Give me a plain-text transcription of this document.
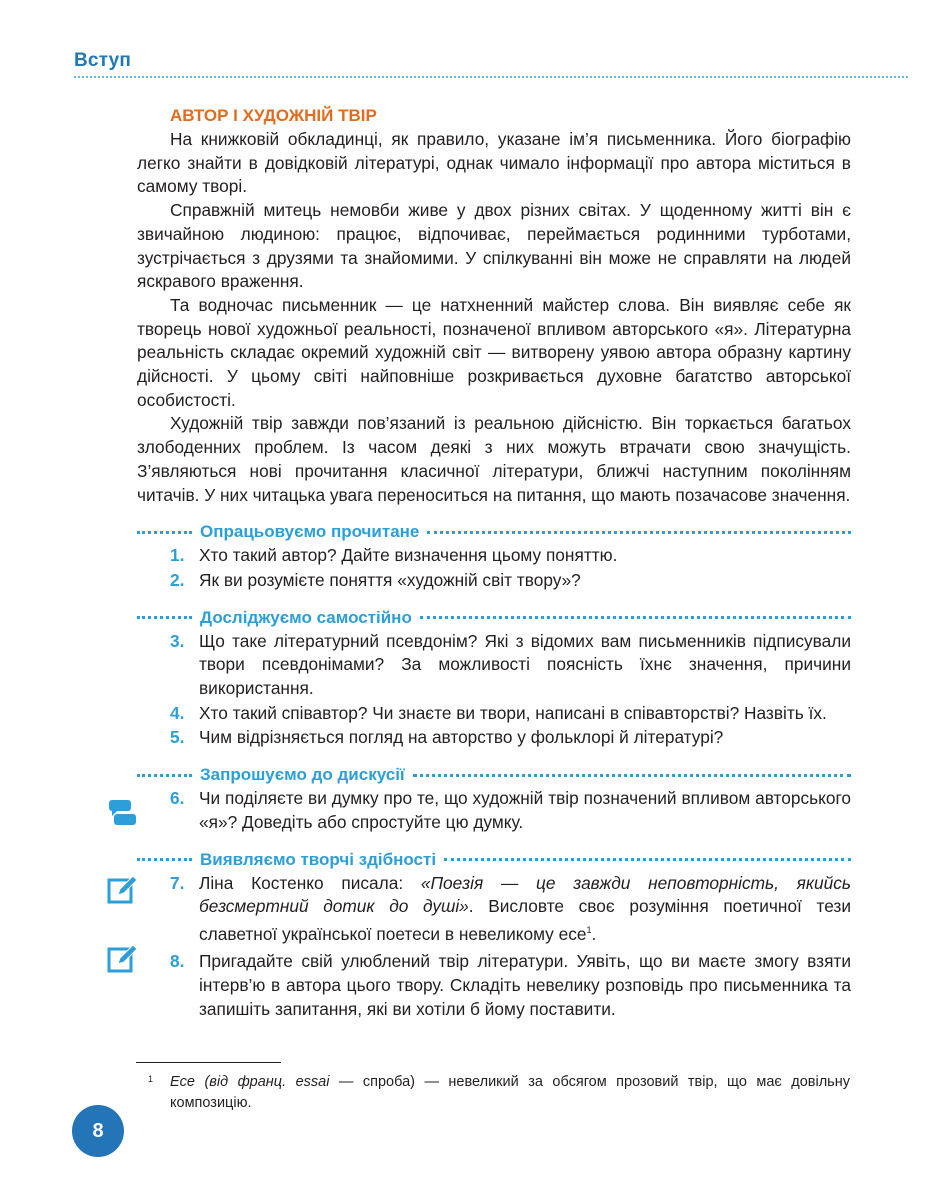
Вступ
АВТОР І ХУДОЖНІЙ ТВІР

На книжковій обкладинці, як правило, указане ім’я письменника. Його біографію легко знайти в довідковій літературі, однак чимало інформації про автора міститься в самому творі.

Справжній митець немовби живе у двох різних світах. У щоденному житті він є звичайною людиною: працює, відпочиває, переймається родинними турботами, зустрічається з друзями та знайомими. У спілкуванні він може не справляти на людей яскравого враження.

Та водночас письменник — це натхненний майстер слова. Він виявляє себе як творець нової художньої реальності, позначеної впливом авторського «я». Літературна реальність складає окремий художній світ — витворену уявою автора образну картину дійсності. У цьому світі найповніше розкривається духовне багатство авторської особистості.

Художній твір завжди пов’язаний із реальною дійсністю. Він торкається багатьох злободенних проблем. Із часом деякі з них можуть втрачати свою значущість. З’являються нові прочитання класичної літератури, ближчі наступним поколінням читачів. У них читацька увага переноситься на питання, що мають позачасове значення.

Опрацьовуємо прочитане
1. Хто такий автор? Дайте визначення цьому поняттю.
2. Як ви розумієте поняття «художній світ твору»?
Досліджуємо самостійно
3. Що таке літературний псевдонім? Які з відомих вам письменників підписували твори псевдонімами? За можливості поясність їхнє значення, причини використання.
4. Хто такий співавтор? Чи знаєте ви твори, написані в співавторстві? Назвіть їх.
5. Чим відрізняється погляд на авторство у фольклорі й літературі?
Запрошуємо до дискусії
6. Чи поділяєте ви думку про те, що художній твір позначений впливом авторського «я»? Доведіть або спростуйте цю думку.
Виявляємо творчі здібності
7. Ліна Костенко писала: «Поезія — це завжди неповторність, якийсь безсмертний дотик до душі». Висловте своє розуміння поетичної тези славетної української поетеси в невеликому есе$^1$.
8. Пригадайте свій улюблений твір літератури. Уявіть, що ви маєте змогу взяти інтерв’ю в автора цього твору. Складіть невелику розповідь про письменника та запишіть запитання, які ви хотіли б йому поставити.
1	Есе (від франц. essai — спроба) — невеликий за обсягом прозовий твір, що має довільну композицію.
8
